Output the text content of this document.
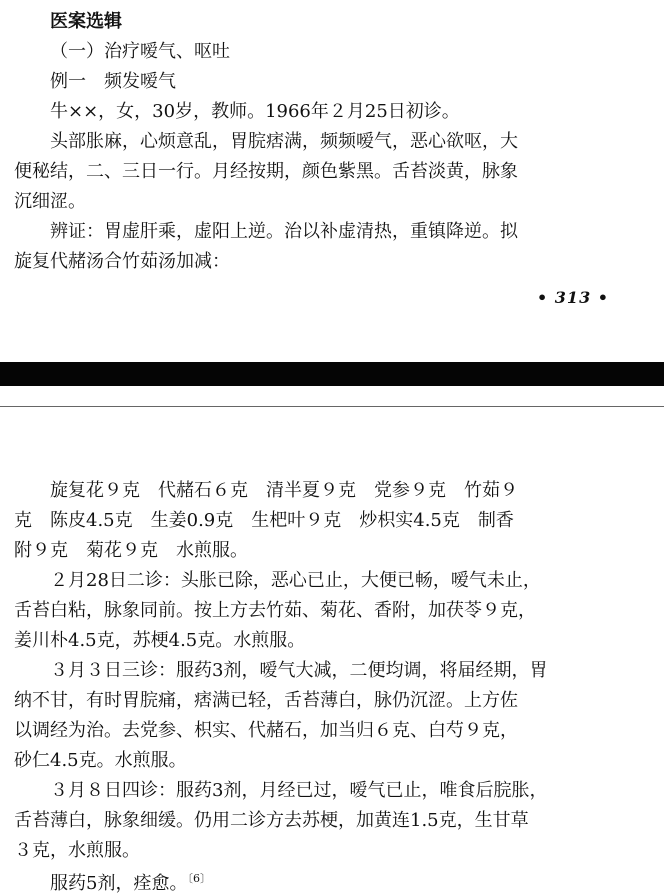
医案选辑
（一）治疗嗳气、呕吐
例一　频发嗳气
牛××，女，30岁，教师。1966年２月25日初诊。
头部胀麻，心烦意乱，胃脘痞满，频频嗳气，恶心欲呕，大
便秘结，二、三日一行。月经按期，颜色紫黑。舌苔淡黄，脉象
沉细涩。
辨证：胃虚肝乘，虚阳上逆。治以补虚清热，重镇降逆。拟
旋复代赭汤合竹茹汤加减：
• 313 •
旋复花９克　代赭石６克　清半夏９克　党参９克　竹茹９
克　陈皮4.5克　生姜0.9克　生杷叶９克　炒枳实4.5克　制香
附９克　菊花９克　水煎服。
２月28日二诊：头胀已除，恶心已止，大便已畅，嗳气未止，
舌苔白粘，脉象同前。按上方去竹茹、菊花、香附，加茯苓９克，
姜川朴4.5克，苏梗4.5克。水煎服。
３月３日三诊：服药3剂，嗳气大减，二便均调，将届经期，胃
纳不甘，有时胃脘痛，痞满已轻，舌苔薄白，脉仍沉涩。上方佐
以调经为治。去党参、枳实、代赭石，加当归６克、白芍９克，
砂仁4.5克。水煎服。
３月８日四诊：服药3剂，月经已过，嗳气已止，唯食后脘胀，
舌苔薄白，脉象细缓。仍用二诊方去苏梗，加黄连1.5克，生甘草
３克，水煎服。
服药5剂，痊愈。$^{〔6〕}$
